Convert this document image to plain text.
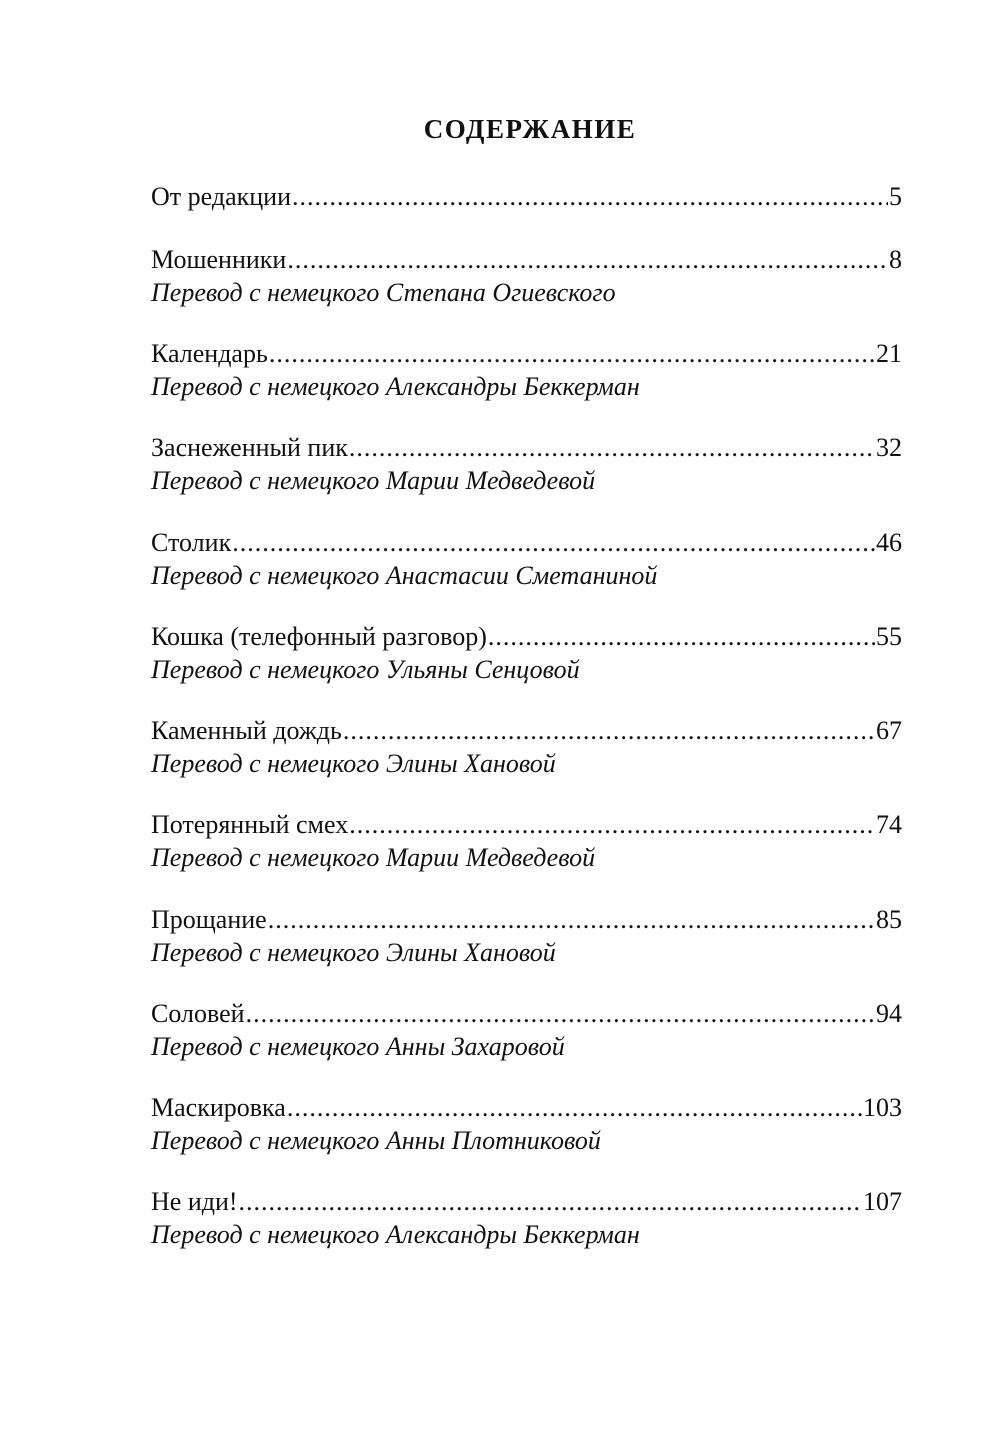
СОДЕРЖАНИЕ
От редакции .....	5
Мошенники .....	8
Перевод с немецкого Степана Огиевского
Календарь .....	21
Перевод с немецкого Александры Беккерман
Заснеженный пик .....	32
Перевод с немецкого Марии Медведевой
Столик .....	46
Перевод с немецкого Анастасии Сметаниной
Кошка (телефонный разговор) .....	55
Перевод с немецкого Ульяны Сенцовой
Каменный дождь .....	67
Перевод с немецкого Элины Хановой
Потерянный смех .....	74
Перевод с немецкого Марии Медведевой
Прощание .....	85
Перевод с немецкого Элины Хановой
Соловей .....	94
Перевод с немецкого Анны Захаровой
Маскировка .....	103
Перевод с немецкого Анны Плотниковой
Не иди! .....	107
Перевод с немецкого Александры Беккерман
